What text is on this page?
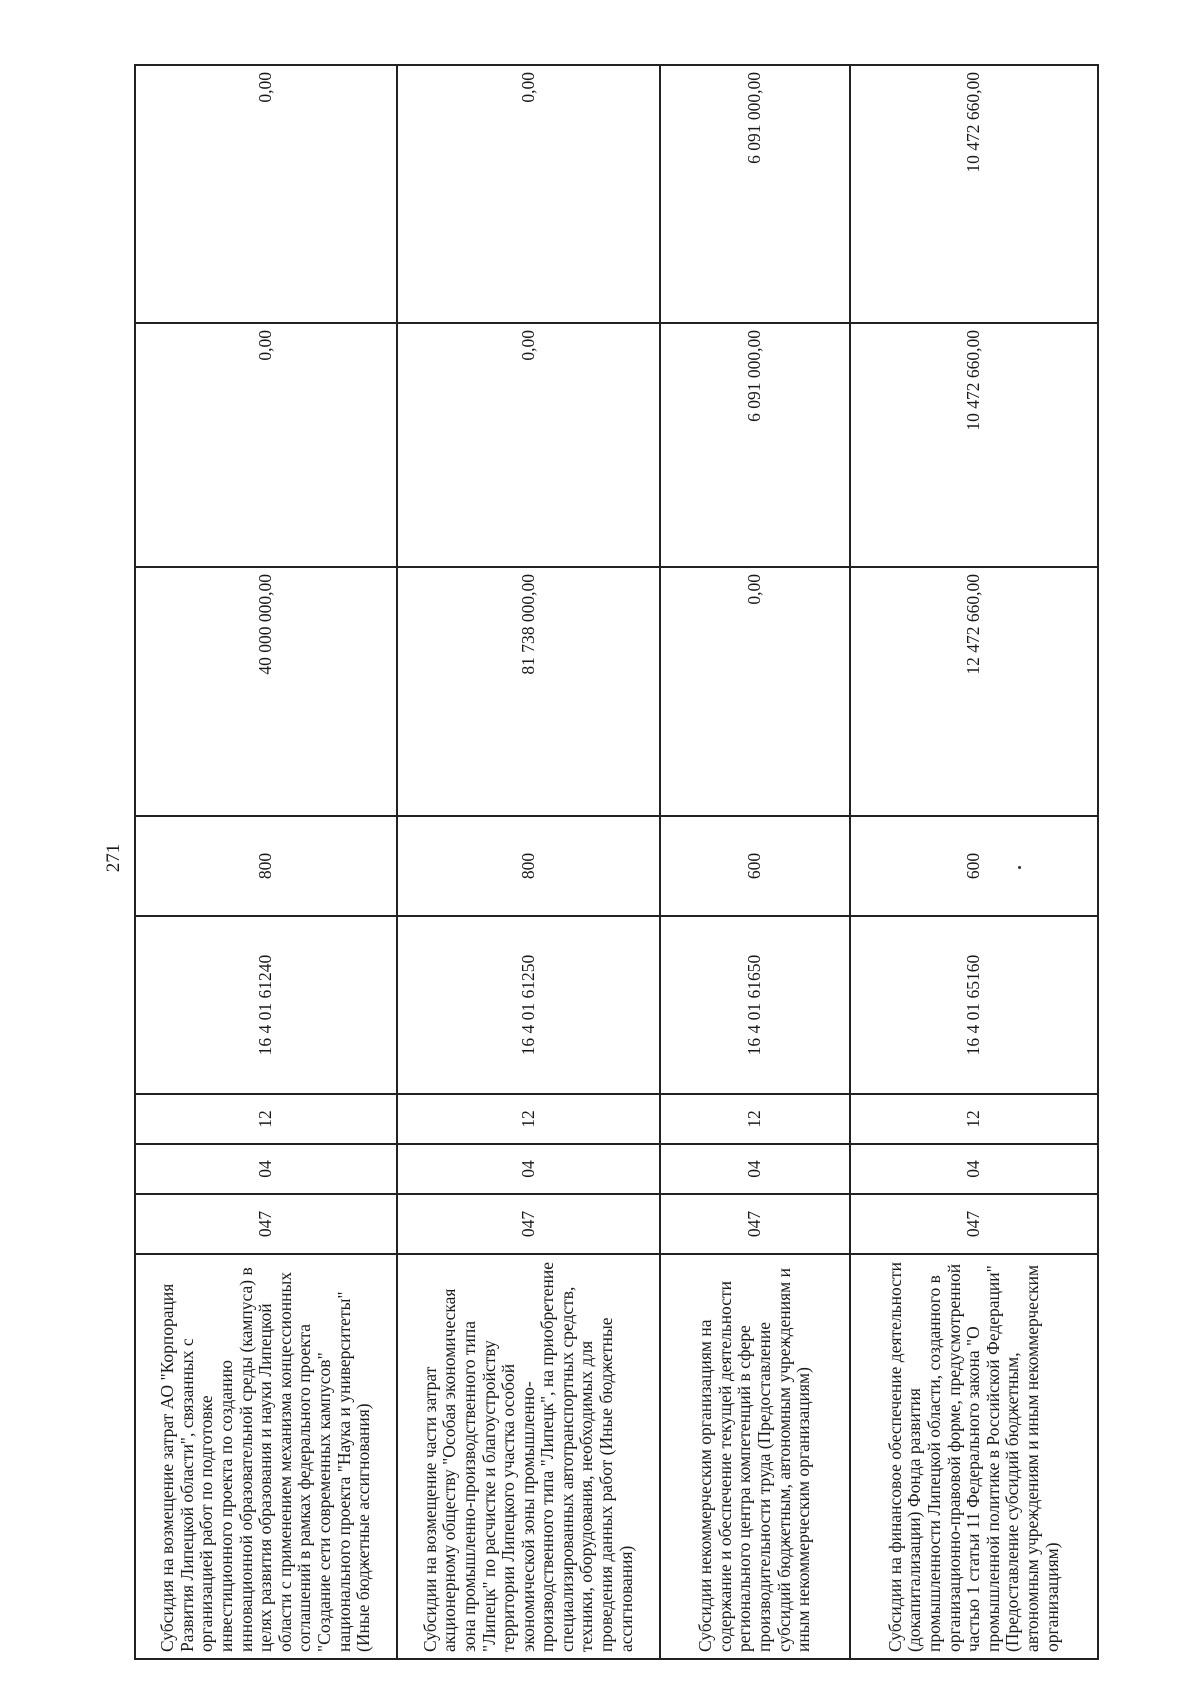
271
Субсидия на возмещение затрат АО "Корпорация Развития Липецкой области", связанных с организацией работ по подготовке инвестиционного проекта по созданию инновационной образовательной среды (кампуса) в целях развития образования и науки Липецкой области с применением механизма концессионных соглашений в рамках федерального проекта "Создание сети современных кампусов" национального проекта "Наука и университеты" (Иные бюджетные ассигнования)	047	04	12	16 4 01 61240	800	40 000 000,00	0,00	0,00
Субсидии на возмещение части затрат акционерному обществу "Особая экономическая зона промышленно-производственного типа "Липецк" по расчистке и благоустройству территории Липецкого участка особой экономической зоны промышленно-производственного типа "Липецк", на приобретение специализированных автотранспортных средств, техники, оборудования, необходимых для проведения данных работ (Иные бюджетные ассигнования)	047	04	12	16 4 01 61250	800	81 738 000,00	0,00	0,00
Субсидии некоммерческим организациям на содержание и обеспечение текущей деятельности регионального центра компетенций в сфере производительности труда (Предоставление субсидий бюджетным, автономным учреждениям и иным некоммерческим организациям)	047	04	12	16 4 01 61650	600	0,00	6 091 000,00	6 091 000,00
Субсидии на финансовое обеспечение деятельности (докапитализации) Фонда развития промышленности Липецкой области, созданного в организационно-правовой форме, предусмотренной частью 1 статьи 11 Федерального закона "О промышленной политике в Российской Федерации" (Предоставление субсидий бюджетным, автономным учреждениям и иным некоммерческим организациям)	047	04	12	16 4 01 65160	600	12 472 660,00	10 472 660,00	10 472 660,00
